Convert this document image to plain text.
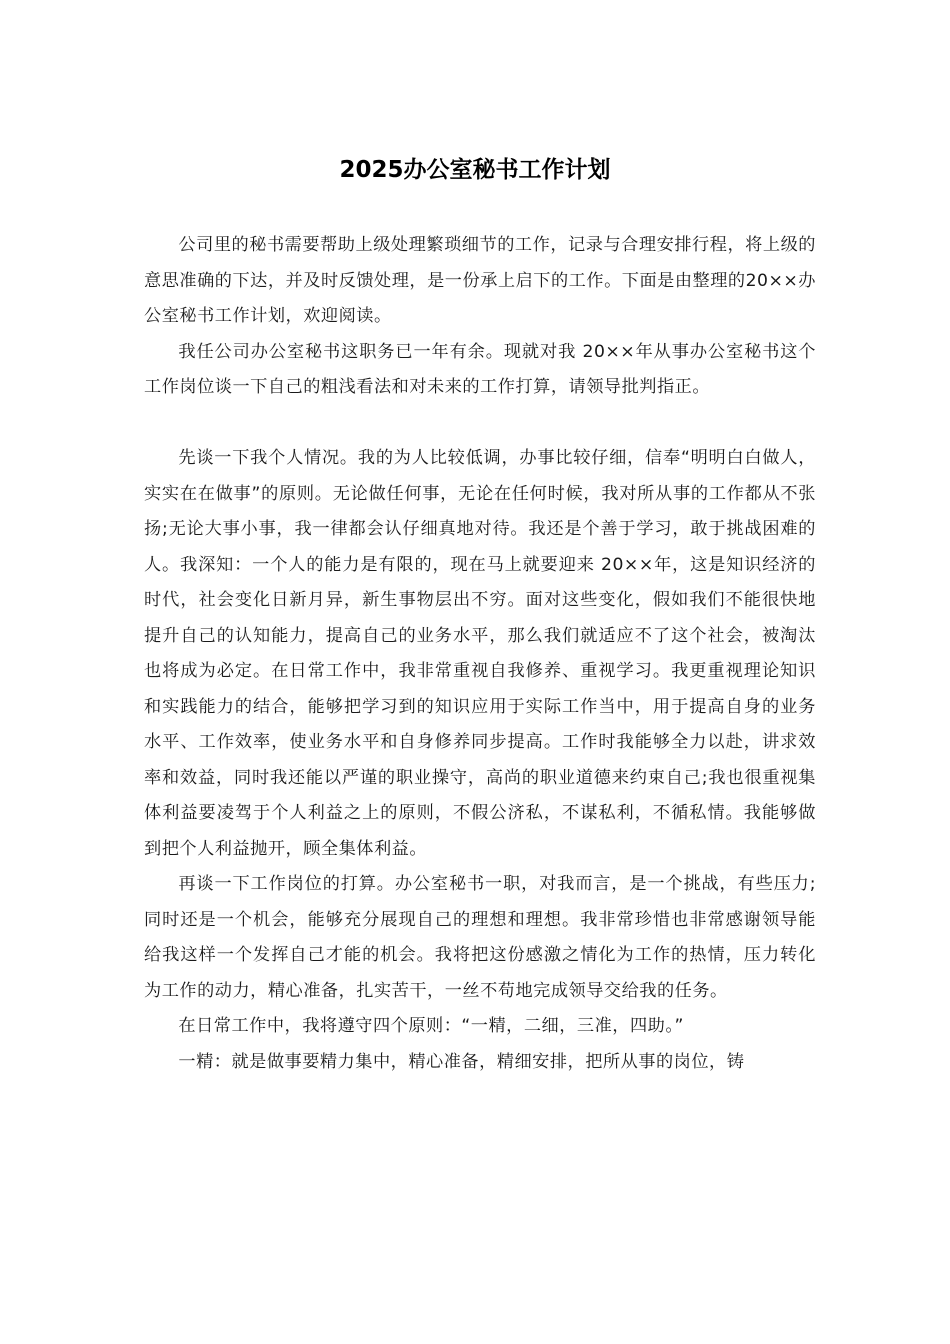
2025办公室秘书工作计划

公司里的秘书需要帮助上级处理繁琐细节的工作，记录与合理安排行程，将上级的意思准确的下达，并及时反馈处理，是一份承上启下的工作。下面是由整理的20××办公室秘书工作计划，欢迎阅读。

我任公司办公室秘书这职务已一年有余。现就对我 20××年从事办公室秘书这个工作岗位谈一下自己的粗浅看法和对未来的工作打算，请领导批判指正。

先谈一下我个人情况。我的为人比较低调，办事比较仔细，信奉“明明白白做人，实实在在做事”的原则。无论做任何事，无论在任何时候，我对所从事的工作都从不张扬;无论大事小事，我一律都会认仔细真地对待。我还是个善于学习，敢于挑战困难的人。我深知：一个人的能力是有限的，现在马上就要迎来 20××年，这是知识经济的时代，社会变化日新月异，新生事物层出不穷。面对这些变化，假如我们不能很快地提升自己的认知能力，提高自己的业务水平，那么我们就适应不了这个社会，被淘汰也将成为必定。在日常工作中，我非常重视自我修养、重视学习。我更重视理论知识和实践能力的结合，能够把学习到的知识应用于实际工作当中，用于提高自身的业务水平、工作效率，使业务水平和自身修养同步提高。工作时我能够全力以赴，讲求效率和效益，同时我还能以严谨的职业操守，高尚的职业道德来约束自己;我也很重视集体利益要凌驾于个人利益之上的原则，不假公济私，不谋私利，不循私情。我能够做到把个人利益抛开，顾全集体利益。

再谈一下工作岗位的打算。办公室秘书一职，对我而言，是一个挑战，有些压力;同时还是一个机会，能够充分展现自己的理想和理想。我非常珍惜也非常感谢领导能给我这样一个发挥自己才能的机会。我将把这份感激之情化为工作的热情，压力转化为工作的动力，精心准备，扎实苦干，一丝不苟地完成领导交给我的任务。

在日常工作中，我将遵守四个原则：“一精，二细，三准，四助。”

一精：就是做事要精力集中，精心准备，精细安排，把所从事的岗位，铸
